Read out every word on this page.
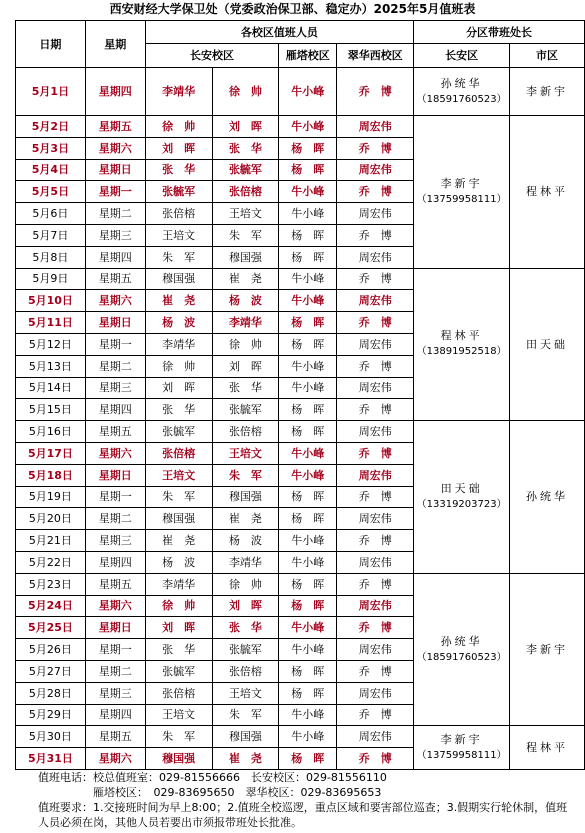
西安财经大学保卫处（党委政治保卫部、稳定办）2025年5月值班表
日期	星期	各校区值班人员				分区带班处长	
		长安校区		雁塔校区	翠华西校区	长安区	市区
5月1日	星期四	李靖华	徐　帅	牛小峰	乔　博	孙统华
（18591760523）	李新宇
5月2日	星期五	徐　帅	刘　晖	牛小峰	周宏伟	李新宇
（13759958111）	程林平
5月3日	星期六	刘　晖	张　华	杨　晖	乔　博		
5月4日	星期日	张　华	张毓军	杨　晖	周宏伟		
5月5日	星期一	张毓军	张倍榕	牛小峰	乔　博		
5月6日	星期二	张倍榕	王培文	牛小峰	周宏伟		
5月7日	星期三	王培文	朱　军	杨　晖	乔　博		
5月8日	星期四	朱　军	穆国强	杨　晖	周宏伟		
5月9日	星期五	穆国强	崔　尧	牛小峰	乔　博	程林平
（13891952518）	田天础
5月10日	星期六	崔　尧	杨　波	牛小峰	周宏伟		
5月11日	星期日	杨　波	李靖华	杨　晖	乔　博		
5月12日	星期一	李靖华	徐　帅	杨　晖	周宏伟		
5月13日	星期二	徐　帅	刘　晖	牛小峰	乔　博		
5月14日	星期三	刘　晖	张　华	牛小峰	周宏伟		
5月15日	星期四	张　华	张毓军	杨　晖	乔　博		
5月16日	星期五	张毓军	张倍榕	杨　晖	周宏伟	田天础
（13319203723）	孙统华
5月17日	星期六	张倍榕	王培文	牛小峰	乔　博		
5月18日	星期日	王培文	朱　军	牛小峰	周宏伟		
5月19日	星期一	朱　军	穆国强	杨　晖	乔　博		
5月20日	星期二	穆国强	崔　尧	杨　晖	周宏伟		
5月21日	星期三	崔　尧	杨　波	牛小峰	乔　博		
5月22日	星期四	杨　波	李靖华	牛小峰	周宏伟		
5月23日	星期五	李靖华	徐　帅	杨　晖	乔　博	孙统华
（18591760523）	李新宇
5月24日	星期六	徐　帅	刘　晖	杨　晖	周宏伟		
5月25日	星期日	刘　晖	张　华	牛小峰	乔　博		
5月26日	星期一	张　华	张毓军	牛小峰	周宏伟		
5月27日	星期二	张毓军	张倍榕	杨　晖	乔　博		
5月28日	星期三	张倍榕	王培文	杨　晖	周宏伟		
5月29日	星期四	王培文	朱　军	牛小峰	乔　博		
5月30日	星期五	朱　军	穆国强	牛小峰	周宏伟	李新宇
（13759958111）	程林平
5月31日	星期六	穆国强	崔　尧	杨　晖	乔　博		
值班电话：校总值班室：029-81556666　长安校区：029-81556110
　　　　　雁塔校区：　029-83695650　翠华校区：029-83695653
值班要求：1.交接班时间为早上8:00；2.值班全校巡逻，重点区域和要害部位巡查；3.假期实行轮休制，值班人员必须在岗，其他人员若要出市须报带班处长批准。
